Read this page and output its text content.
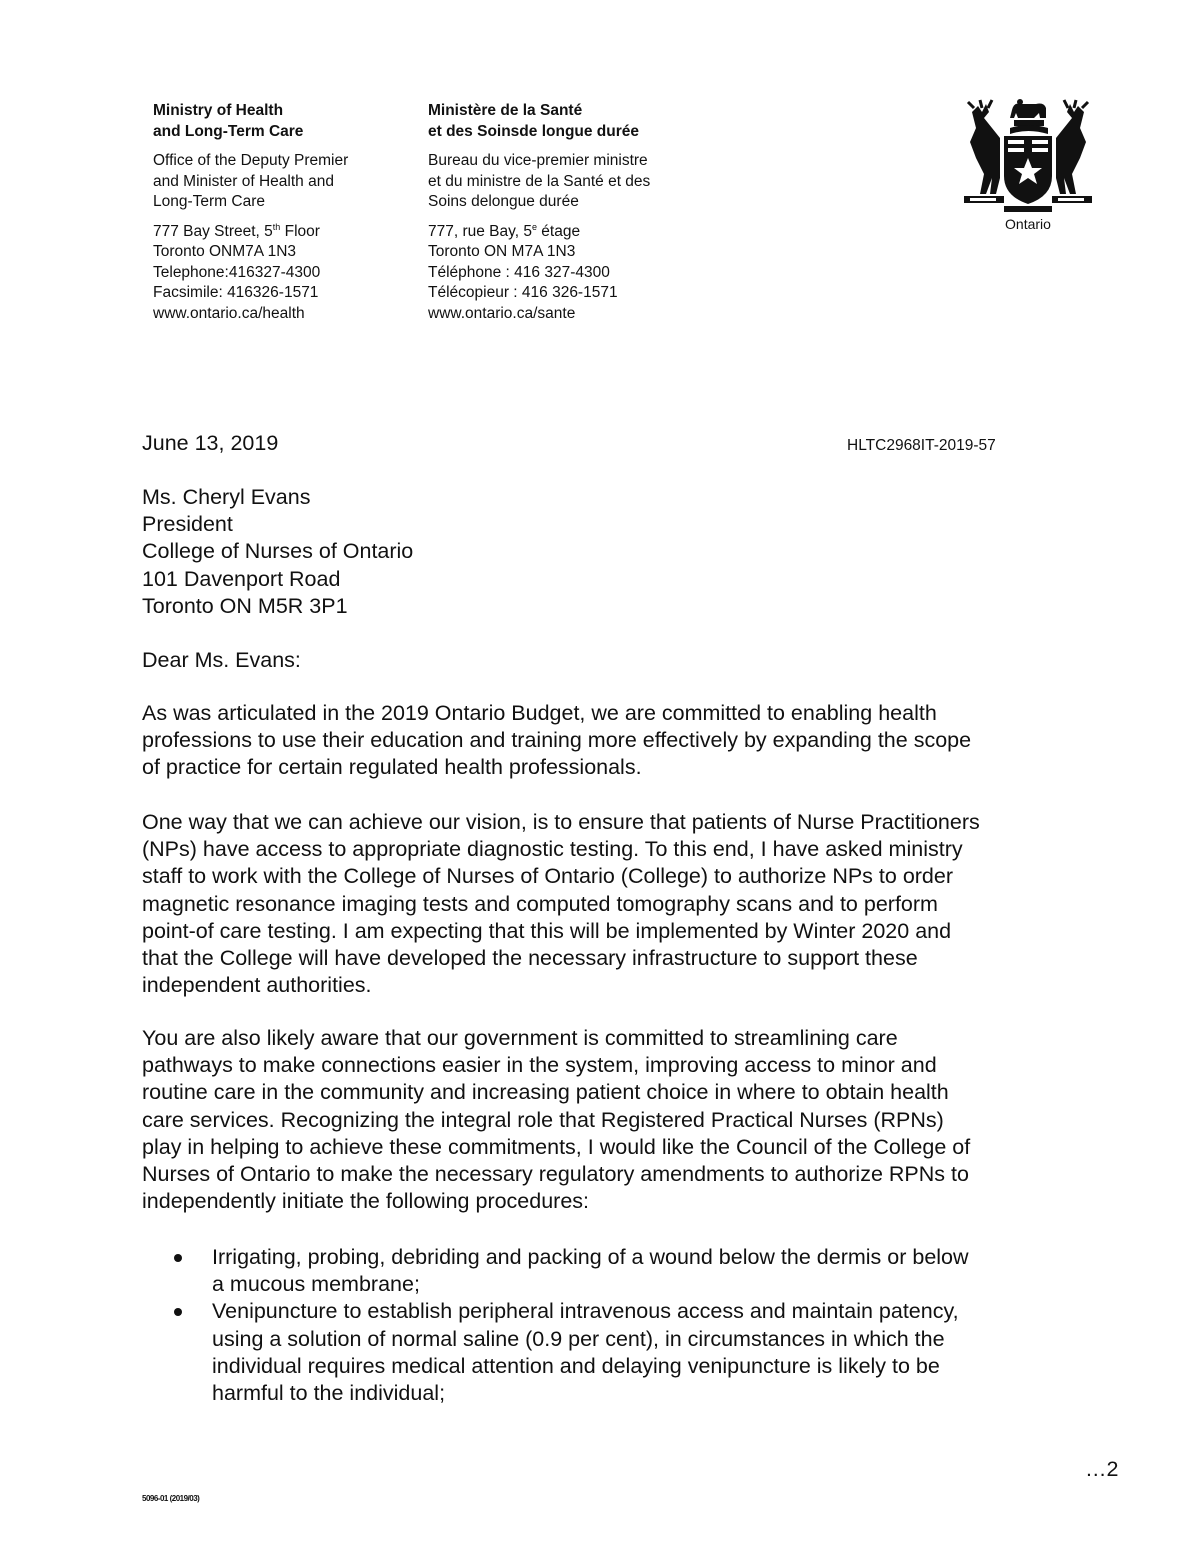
Ministry of Health
and Long-Term Care
Office of the Deputy Premier
and Minister of Health and
Long-Term Care
777 Bay Street, 5th Floor
Toronto ONM7A 1N3
Telephone:416327-4300
Facsimile: 416326-1571
www.ontario.ca/health
Ministère de la Santé
et des Soinsde longue durée
Bureau du vice-premier ministre
et du ministre de la Santé et des
Soins delongue durée
777, rue Bay, 5e étage
Toronto ON M7A 1N3
Téléphone : 416 327-4300
Télécopieur : 416 326-1571
www.ontario.ca/sante
Ontario
June 13, 2019	HLTC2968IT-2019-57
Ms. Cheryl Evans
President
College of Nurses of Ontario
101 Davenport Road
Toronto ON M5R 3P1
Dear Ms. Evans:
As was articulated in the 2019 Ontario Budget, we are committed to enabling health
professions to use their education and training more effectively by expanding the scope
of practice for certain regulated health professionals.
One way that we can achieve our vision, is to ensure that patients of Nurse Practitioners
(NPs) have access to appropriate diagnostic testing. To this end, I have asked ministry
staff to work with the College of Nurses of Ontario (College) to authorize NPs to order
magnetic resonance imaging tests and computed tomography scans and to perform
point-of care testing. I am expecting that this will be implemented by Winter 2020 and
that the College will have developed the necessary infrastructure to support these
independent authorities.
You are also likely aware that our government is committed to streamlining care
pathways to make connections easier in the system, improving access to minor and
routine care in the community and increasing patient choice in where to obtain health
care services. Recognizing the integral role that Registered Practical Nurses (RPNs)
play in helping to achieve these commitments, I would like the Council of the College of
Nurses of Ontario to make the necessary regulatory amendments to authorize RPNs to
independently initiate the following procedures:
Irrigating, probing, debriding and packing of a wound below the dermis or below
a mucous membrane;
Venipuncture to establish peripheral intravenous access and maintain patency,
using a solution of normal saline (0.9 per cent), in circumstances in which the
individual requires medical attention and delaying venipuncture is likely to be
harmful to the individual;
…2
5096-01 (2019/03)
